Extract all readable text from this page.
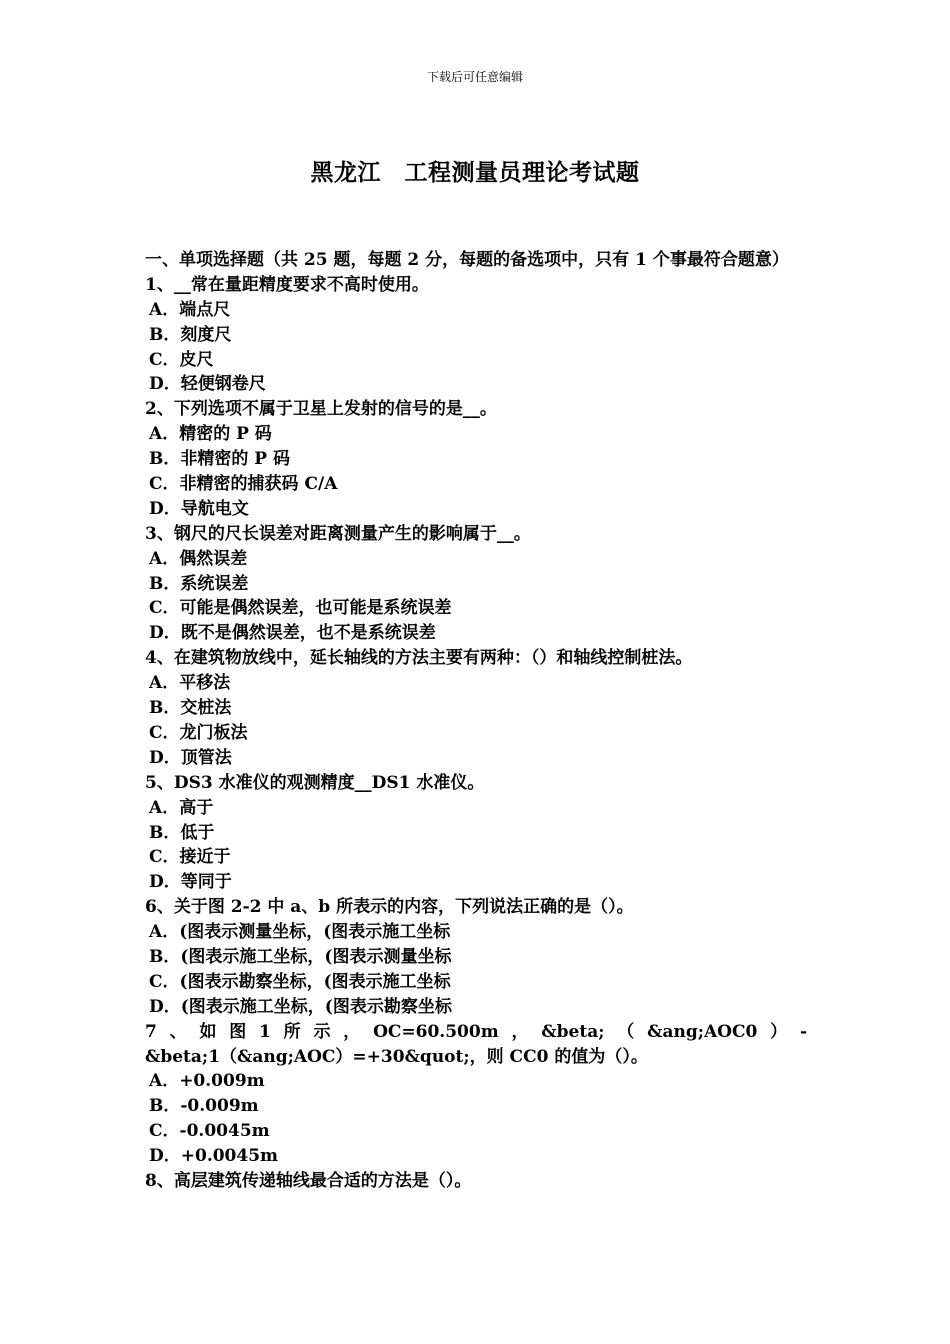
下载后可任意编辑
黑龙江　工程测量员理论考试题
一、单项选择题（共 25 题，每题 2 分，每题的备选项中，只有 1 个事最符合题意）
1、__常在量距精度要求不高时使用。
A．端点尺
B．刻度尺
C．皮尺
D．轻便钢卷尺
2、下列选项不属于卫星上发射的信号的是__。
A．精密的 P 码
B．非精密的 P 码
C．非精密的捕获码 C/A
D．导航电文
3、钢尺的尺长误差对距离测量产生的影响属于__。
A．偶然误差
B．系统误差
C．可能是偶然误差，也可能是系统误差
D．既不是偶然误差，也不是系统误差
4、在建筑物放线中，延长轴线的方法主要有两种：（）和轴线控制桩法。
A．平移法
B．交桩法
C．龙门板法
D．顶管法
5、DS3 水准仪的观测精度__DS1 水准仪。
A．高于
B．低于
C．接近于
D．等同于
6、关于图 2-2 中 a、b 所表示的内容，下列说法正确的是（）。
A．(图表示测量坐标，(图表示施工坐标
B．(图表示施工坐标，(图表示测量坐标
C．(图表示勘察坐标，(图表示施工坐标
D．(图表示施工坐标，(图表示勘察坐标
7 、 如 图 1 所 示 ， OC=60.500m ， &beta; （ &ang;AOC0 ） -
&beta;1（&ang;AOC）=+30&quot;，则 CC0 的值为（）。
A．+0.009m
B．-0.009m
C．-0.0045m
D．+0.0045m
8、高层建筑传递轴线最合适的方法是（）。
